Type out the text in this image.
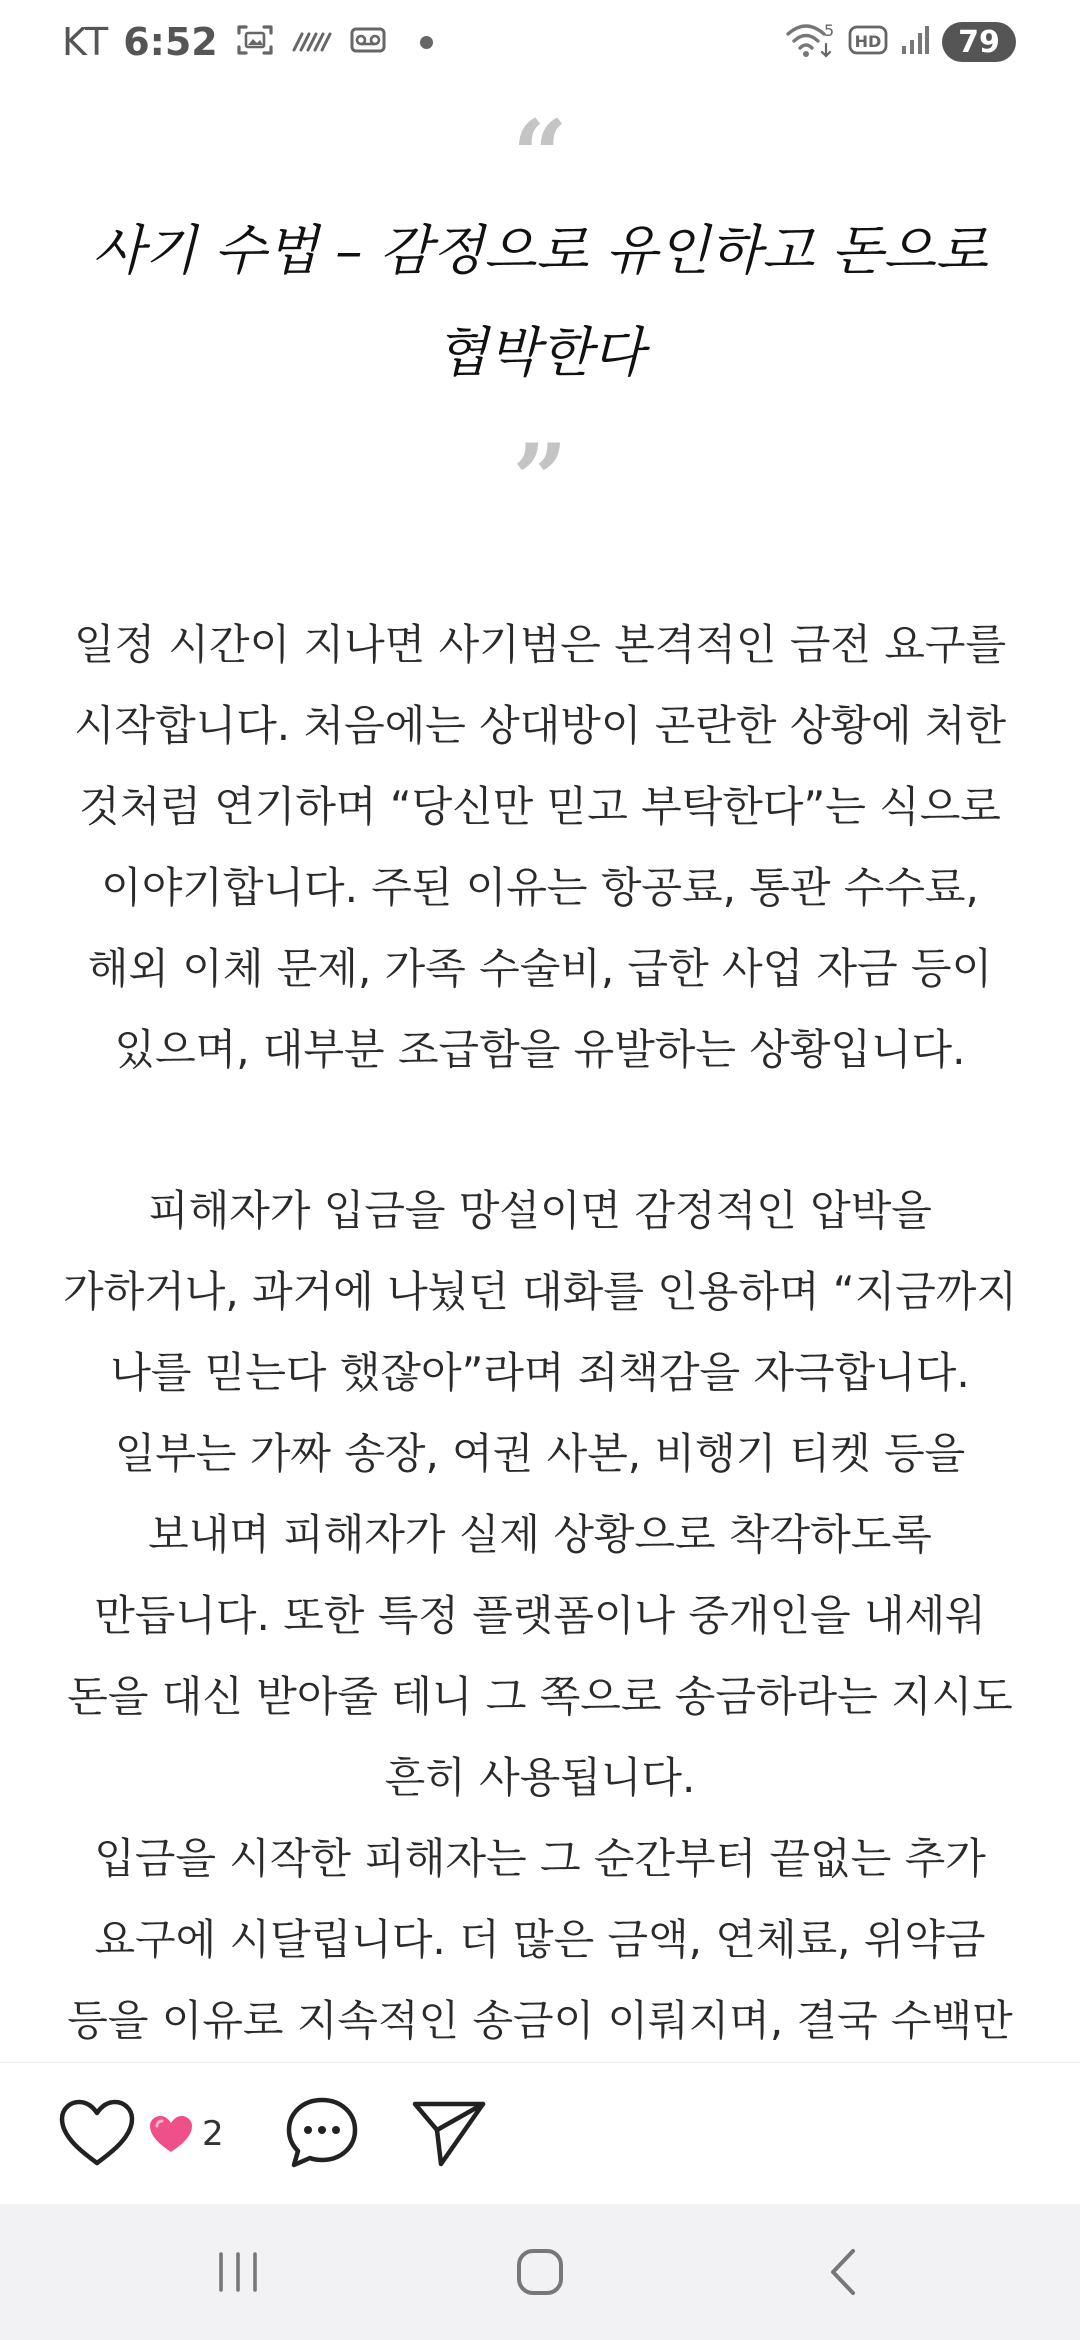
KT 6:52	5
HD	79
“
사기 수법 – 감정으로 유인하고 돈으로 협박한다
”

일정 시간이 지나면 사기범은 본격적인 금전 요구를 시작합니다. 처음에는 상대방이 곤란한 상황에 처한 것처럼 연기하며 “당신만 믿고 부탁한다”는 식으로 이야기합니다. 주된 이유는 항공료, 통관 수수료, 해외 이체 문제, 가족 수술비, 급한 사업 자금 등이 있으며, 대부분 조급함을 유발하는 상황입니다.

피해자가 입금을 망설이면 감정적인 압박을 가하거나, 과거에 나눴던 대화를 인용하며 “지금까지 나를 믿는다 했잖아”라며 죄책감을 자극합니다. 일부는 가짜 송장, 여권 사본, 비행기 티켓 등을 보내며 피해자가 실제 상황으로 착각하도록 만듭니다. 또한 특정 플랫폼이나 중개인을 내세워 돈을 대신 받아줄 테니 그 쪽으로 송금하라는 지시도 흔히 사용됩니다.

입금을 시작한 피해자는 그 순간부터 끝없는 추가 요구에 시달립니다. 더 많은 금액, 연체료, 위약금 등을 이유로 지속적인 송금이 이뤄지며, 결국 수백만

2
